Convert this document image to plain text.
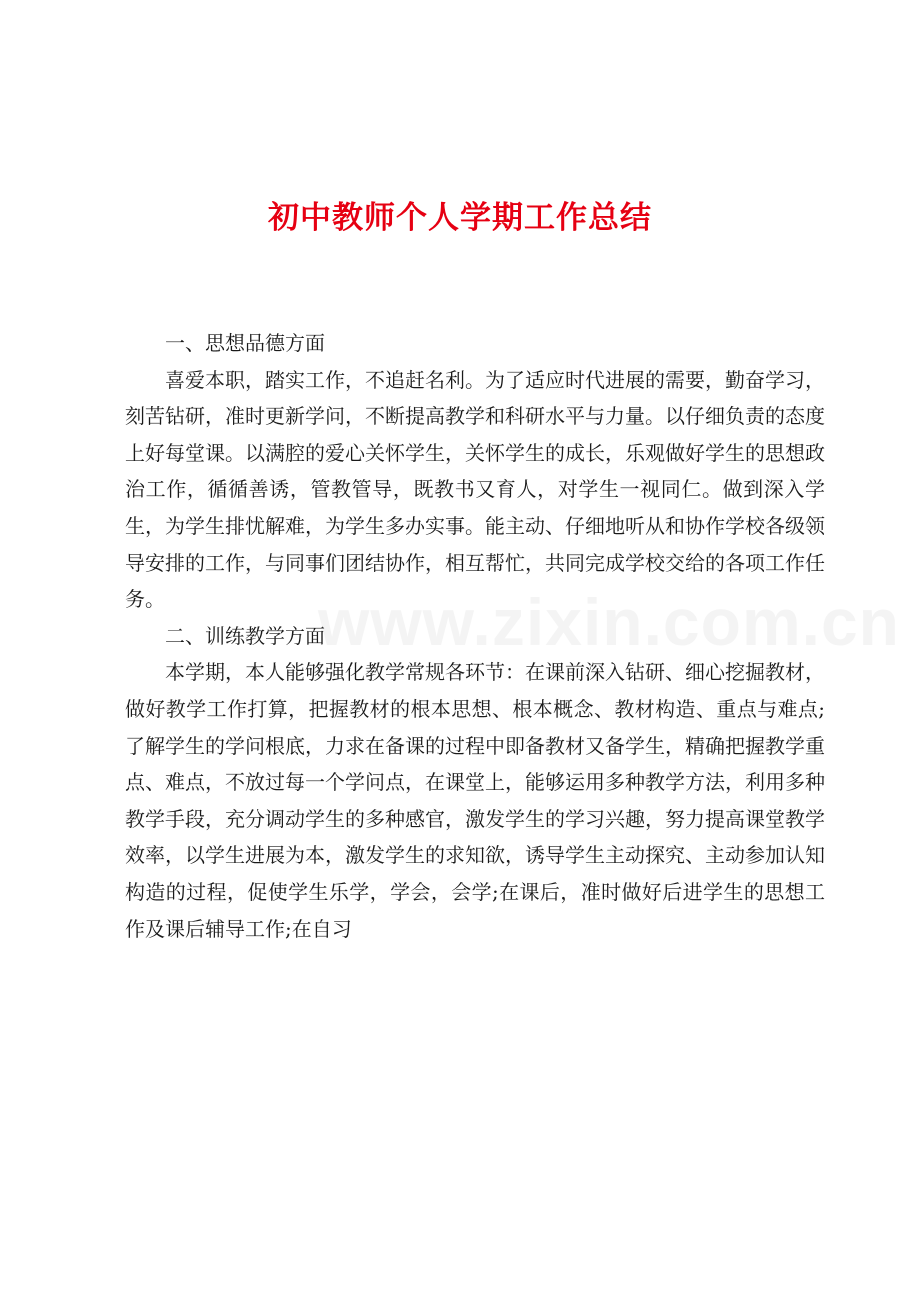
初中教师个人学期工作总结

一、思想品德方面

喜爱本职，踏实工作，不追赶名利。为了适应时代进展的需要，勤奋学习，刻苦钻研，准时更新学问，不断提高教学和科研水平与力量。以仔细负责的态度上好每堂课。以满腔的爱心关怀学生，关怀学生的成长，乐观做好学生的思想政治工作，循循善诱，管教管导，既教书又育人，对学生一视同仁。做到深入学生，为学生排忧解难，为学生多办实事。能主动、仔细地听从和协作学校各级领导安排的工作，与同事们团结协作，相互帮忙，共同完成学校交给的各项工作任务。

二、训练教学方面

本学期，本人能够强化教学常规各环节：在课前深入钻研、细心挖掘教材，做好教学工作打算，把握教材的根本思想、根本概念、教材构造、重点与难点;了解学生的学问根底，力求在备课的过程中即备教材又备学生，精确把握教学重点、难点，不放过每一个学问点，在课堂上，能够运用多种教学方法，利用多种教学手段，充分调动学生的多种感官，激发学生的学习兴趣，努力提高课堂教学效率，以学生进展为本，激发学生的求知欲，诱导学生主动探究、主动参加认知构造的过程，促使学生乐学，学会，会学;在课后，准时做好后进学生的思想工作及课后辅导工作;在自习

www.zixin.com.cn
